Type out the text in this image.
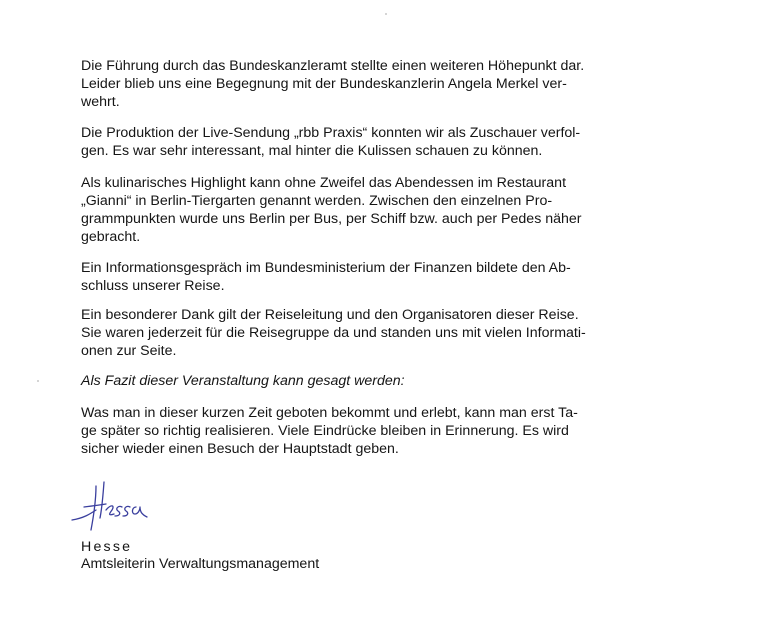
Die Führung durch das Bundeskanzleramt stellte einen weiteren Höhepunkt dar.
Leider blieb uns eine Begegnung mit der Bundeskanzlerin Angela Merkel ver-
wehrt.

Die Produktion der Live-Sendung „rbb Praxis“ konnten wir als Zuschauer verfol-
gen. Es war sehr interessant, mal hinter die Kulissen schauen zu können.

Als kulinarisches Highlight kann ohne Zweifel das Abendessen im Restaurant
„Gianni“ in Berlin-Tiergarten genannt werden. Zwischen den einzelnen Pro-
grammpunkten wurde uns Berlin per Bus, per Schiff bzw. auch per Pedes näher
gebracht.

Ein Informationsgespräch im Bundesministerium der Finanzen bildete den Ab-
schluss unserer Reise.

Ein besonderer Dank gilt der Reiseleitung und den Organisatoren dieser Reise.
Sie waren jederzeit für die Reisegruppe da und standen uns mit vielen Informati-
onen zur Seite.

Als Fazit dieser Veranstaltung kann gesagt werden:

Was man in dieser kurzen Zeit geboten bekommt und erlebt, kann man erst Ta-
ge später so richtig realisieren. Viele Eindrücke bleiben in Erinnerung. Es wird
sicher wieder einen Besuch der Hauptstadt geben.

Hesse

Amtsleiterin Verwaltungsmanagement
